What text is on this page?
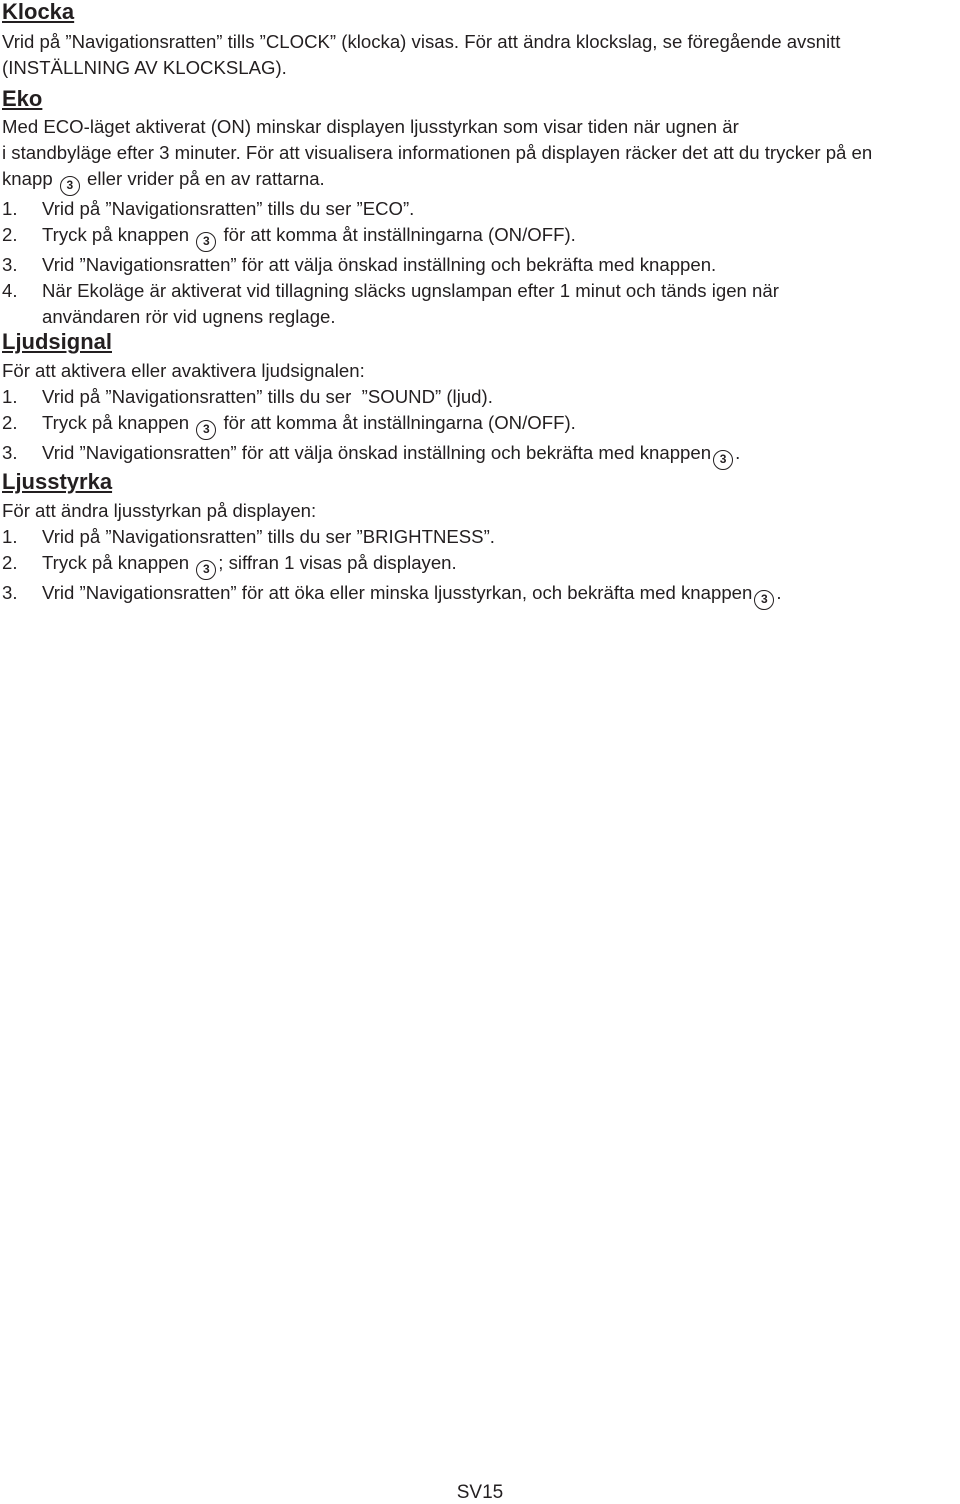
Klocka

Vrid på ”Navigationsratten” tills ”CLOCK” (klocka) visas. För att ändra klockslag, se föregående avsnitt

(INSTÄLLNING AV KLOCKSLAG).

Eko

Med ECO-läget aktiverat (ON) minskar displayen ljusstyrkan som visar tiden när ugnen är

i standbyläge efter 3 minuter. För att visualisera informationen på displayen räcker det att du trycker på en

knapp 3 eller vrider på en av rattarna.

1. Vrid på ”Navigationsratten” tills du ser ”ECO”.
2. Tryck på knappen 3 för att komma åt inställningarna (ON/OFF).
3. Vrid ”Navigationsratten” för att välja önskad inställning och bekräfta med knappen.
4. När Ekoläge är aktiverat vid tillagning släcks ugnslampan efter 1 minut och tänds igen när
användaren rör vid ugnens reglage.
Ljudsignal

För att aktivera eller avaktivera ljudsignalen:

1. Vrid på ”Navigationsratten” tills du ser  ”SOUND” (ljud).
2. Tryck på knappen 3 för att komma åt inställningarna (ON/OFF).
3. Vrid ”Navigationsratten” för att välja önskad inställning och bekräfta med knappen 3 .
Ljusstyrka

För att ändra ljusstyrkan på displayen:

1. Vrid på ”Navigationsratten” tills du ser ”BRIGHTNESS”.
2. Tryck på knappen 3 ; siffran 1 visas på displayen.
3. Vrid ”Navigationsratten” för att öka eller minska ljusstyrkan, och bekräfta med knappen 3 .
SV15
